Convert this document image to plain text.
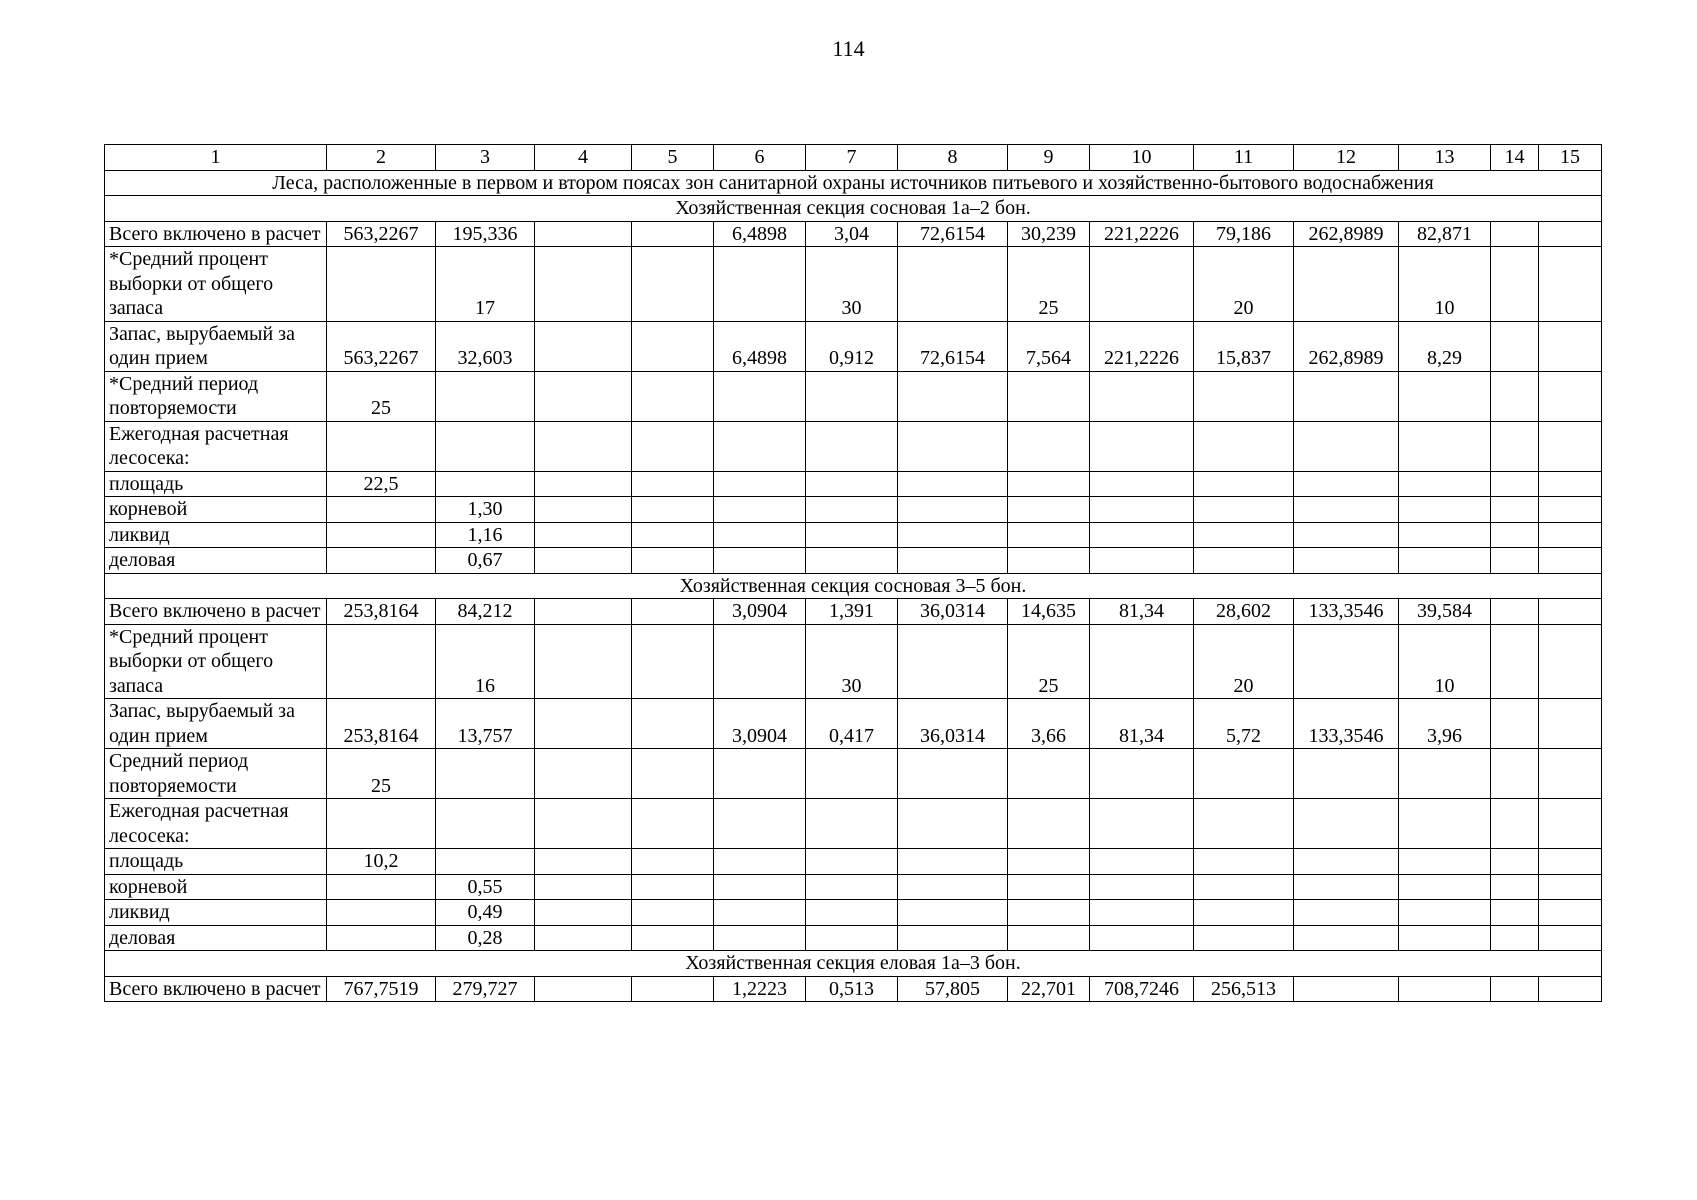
114
1	2	3	4	5	6	7	8	9	10	11	12	13	14	15
Леса, расположенные в первом и втором поясах зон санитарной охраны источников питьевого и хозяйственно-бытового водоснабжения														
Хозяйственная секция сосновая 1а–2 бон.														
Всего включено в расчет	563,2267	195,336			6,4898	3,04	72,6154	30,239	221,2226	79,186	262,8989	82,871		
*Средний процент выборки от общего запаса		17				30		25		20		10		
Запас, вырубаемый за один прием	563,2267	32,603			6,4898	0,912	72,6154	7,564	221,2226	15,837	262,8989	8,29		
*Средний период повторяемости	25													
Ежегодная расчетная лесосека:														
площадь	22,5													
корневой		1,30												
ликвид		1,16												
деловая		0,67												
Хозяйственная секция сосновая 3–5 бон.														
Всего включено в расчет	253,8164	84,212			3,0904	1,391	36,0314	14,635	81,34	28,602	133,3546	39,584		
*Средний процент выборки от общего запаса		16				30		25		20		10		
Запас, вырубаемый за один прием	253,8164	13,757			3,0904	0,417	36,0314	3,66	81,34	5,72	133,3546	3,96		
Средний период повторяемости	25													
Ежегодная расчетная лесосека:														
площадь	10,2													
корневой		0,55												
ликвид		0,49												
деловая		0,28												
Хозяйственная секция еловая 1а–3 бон.														
Всего включено в расчет	767,7519	279,727			1,2223	0,513	57,805	22,701	708,7246	256,513				
